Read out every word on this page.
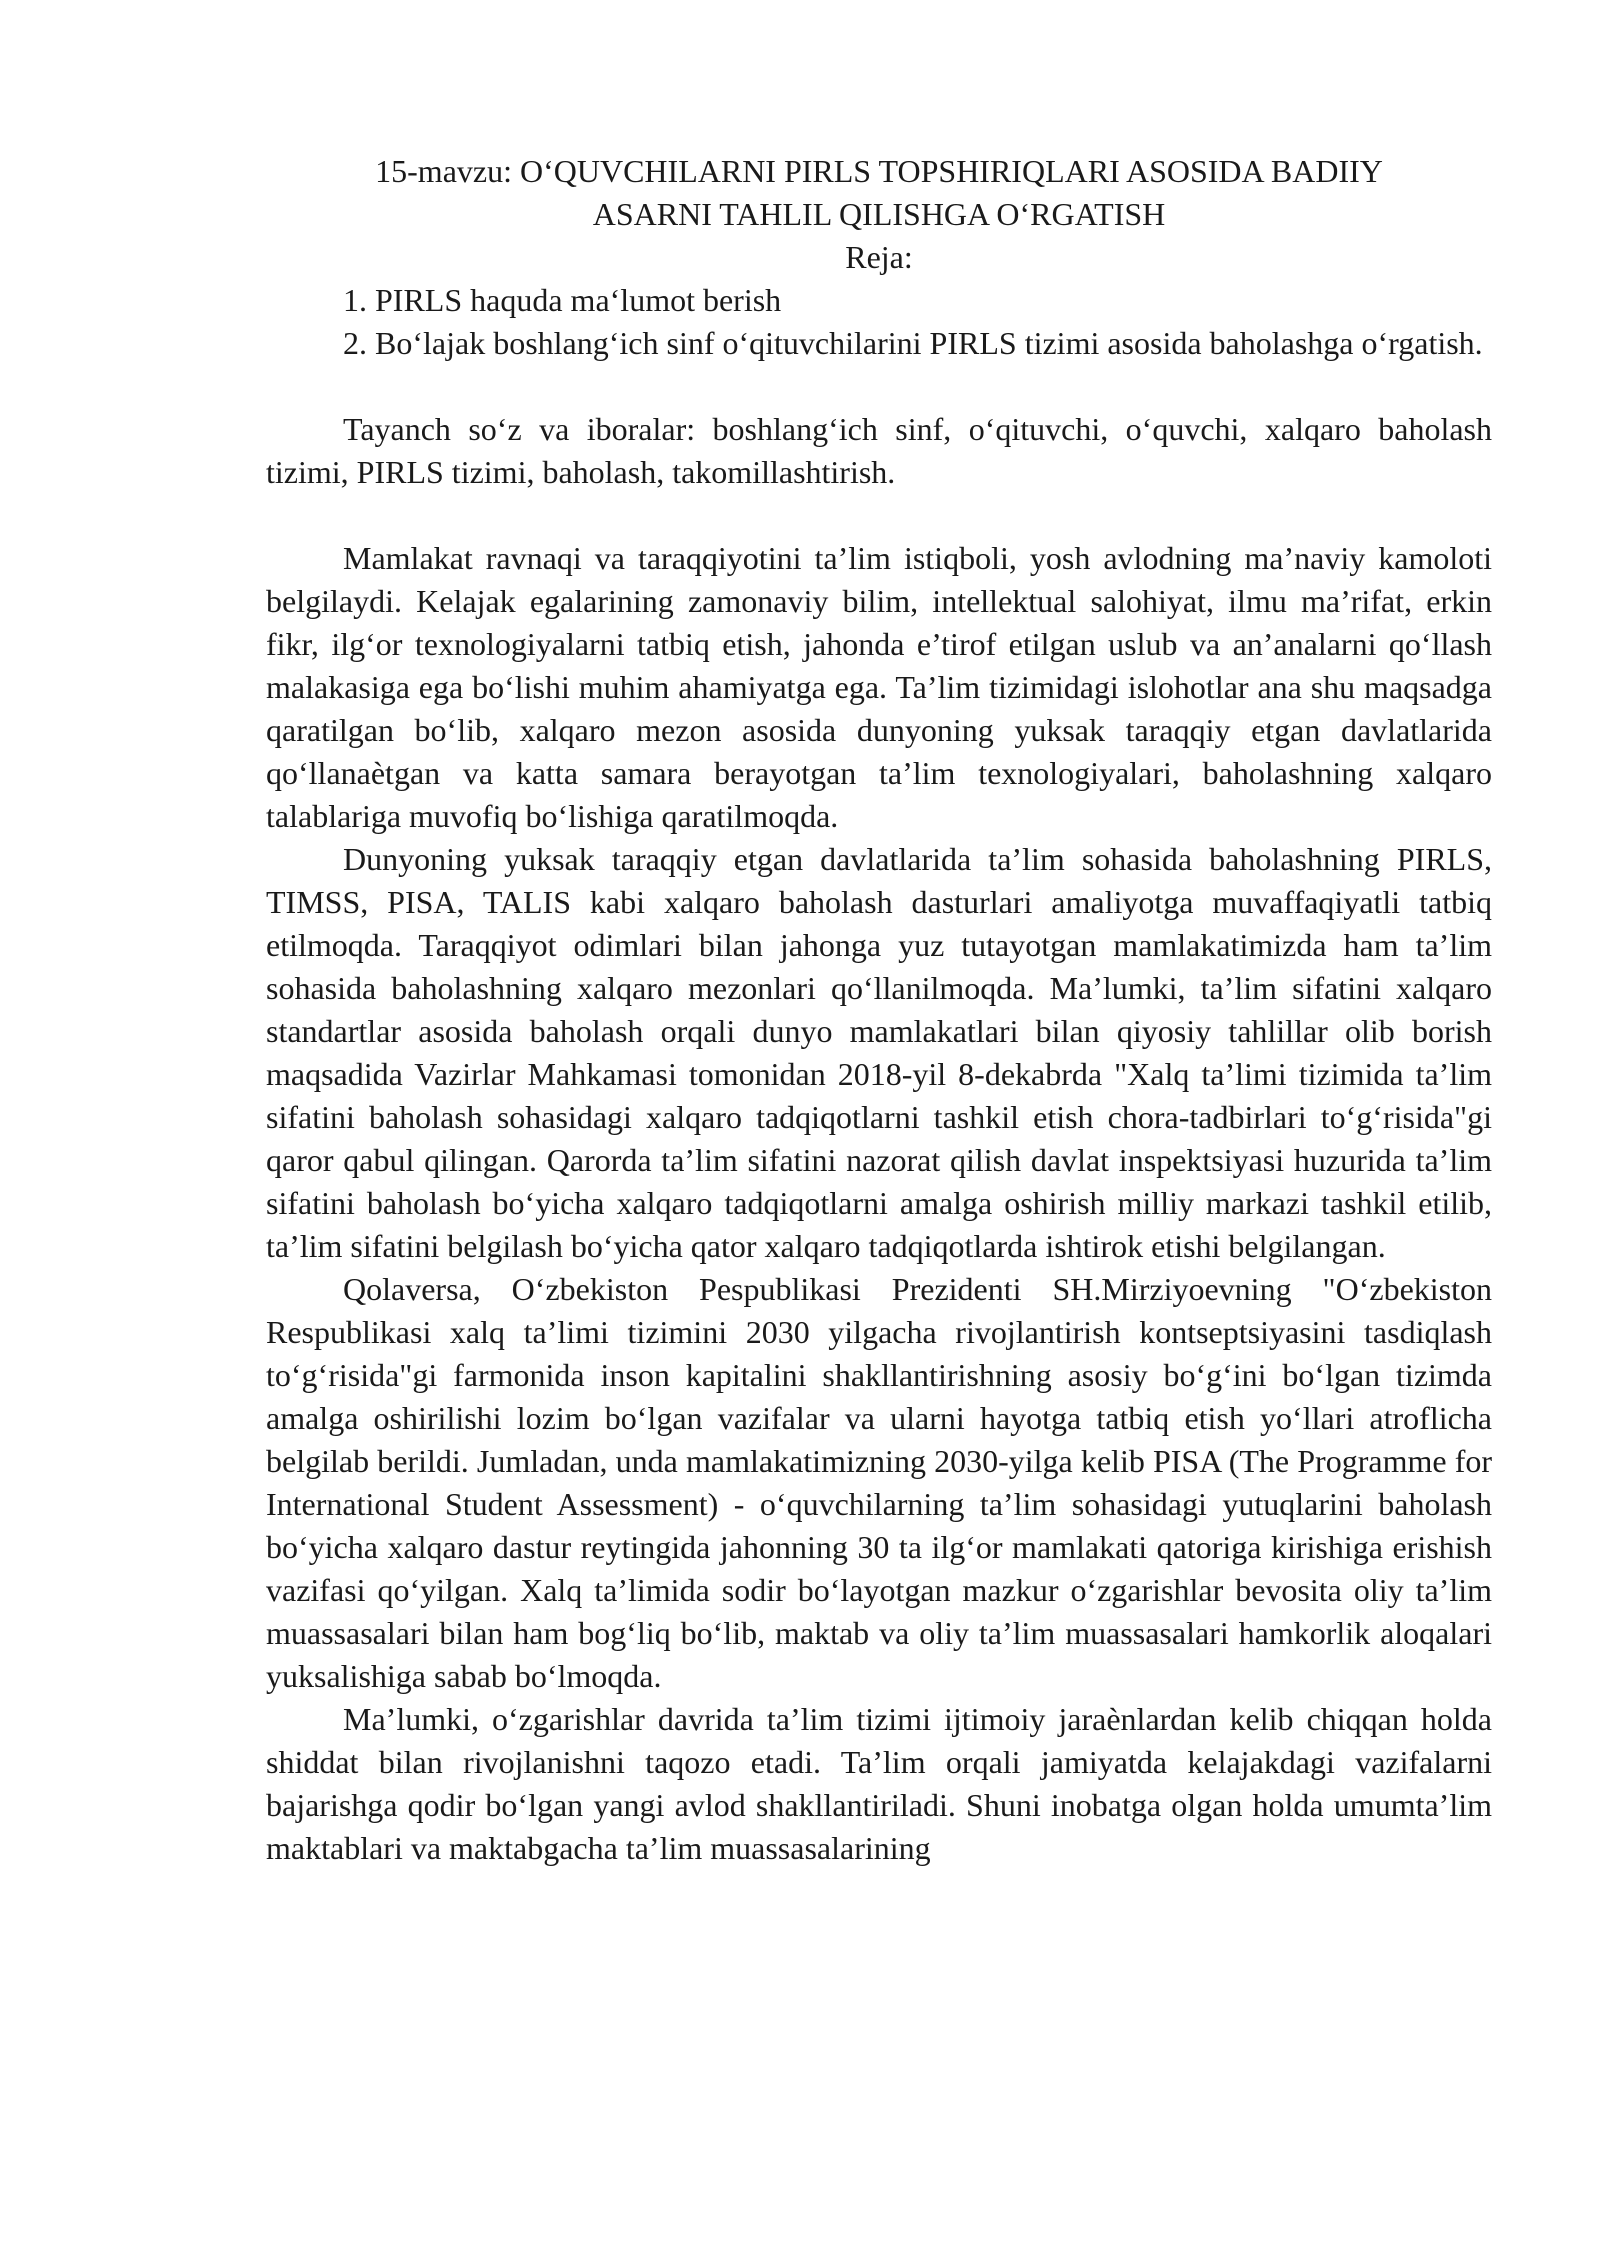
15-mavzu: O‘QUVCHILARNI PIRLS TOPSHIRIQLARI ASOSIDA BADIIY
ASARNI TAHLIL QILISHGA O‘RGATISH

Reja:

1. PIRLS haquda ma‘lumot berish
2. Bo‘lajak boshlang‘ich sinf o‘qituvchilarini PIRLS tizimi asosida baholashga o‘rgatish.

Tayanch so‘z va iboralar: boshlang‘ich sinf, o‘qituvchi, o‘quvchi, xalqaro baholash tizimi, PIRLS tizimi, baholash, takomillashtirish.

Mamlakat ravnaqi va taraqqiyotini ta’lim istiqboli, yosh avlodning ma’naviy kamoloti belgilaydi. Kelajak egalarining zamonaviy bilim, intellektual salohiyat, ilmu ma’rifat, erkin fikr, ilg‘or texnologiyalarni tatbiq etish, jahonda e’tirof etilgan uslub va an’analarni qo‘llash malakasiga ega bo‘lishi muhim ahamiyatga ega. Ta’lim tizimidagi islohotlar ana shu maqsadga qaratilgan bo‘lib, xalqaro mezon asosida dunyoning yuksak taraqqiy etgan davlatlarida qo‘llanaètgan va katta samara berayotgan ta’lim texnologiyalari, baholashning xalqaro talablariga muvofiq bo‘lishiga qaratilmoqda.

Dunyoning yuksak taraqqiy etgan davlatlarida ta’lim sohasida baholashning PIRLS, TIMSS, PISA, TALIS kabi xalqaro baholash dasturlari amaliyotga muvaffaqiyatli tatbiq etilmoqda. Taraqqiyot odimlari bilan jahonga yuz tutayotgan mamlakatimizda ham ta’lim sohasida baholashning xalqaro mezonlari qo‘llanilmoqda. Ma’lumki, ta’lim sifatini xalqaro standartlar asosida baholash orqali dunyo mamlakatlari bilan qiyosiy tahlillar olib borish maqsadida Vazirlar Mahkamasi tomonidan 2018-yil 8-dekabrda "Xalq ta’limi tizimida ta’lim sifatini baholash sohasidagi xalqaro tadqiqotlarni tashkil etish chora-tadbirlari to‘g‘risida"gi qaror qabul qilingan. Qarorda ta’lim sifatini nazorat qilish davlat inspektsiyasi huzurida ta’lim sifatini baholash bo‘yicha xalqaro tadqiqotlarni amalga oshirish milliy markazi tashkil etilib, ta’lim sifatini belgilash bo‘yicha qator xalqaro tadqiqotlarda ishtirok etishi belgilangan.

Qolaversa, O‘zbekiston Pespublikasi Prezidenti SH.Mirziyoevning "O‘zbekiston Respublikasi xalq ta’limi tizimini 2030 yilgacha rivojlantirish kontseptsiyasini tasdiqlash to‘g‘risida"gi farmonida inson kapitalini shakllantirishning asosiy bo‘g‘ini bo‘lgan tizimda amalga oshirilishi lozim bo‘lgan vazifalar va ularni hayotga tatbiq etish yo‘llari atroflicha belgilab berildi. Jumladan, unda mamlakatimizning 2030-yilga kelib PISA (The Programme for International Student Assessment) - o‘quvchilarning ta’lim sohasidagi yutuqlarini baholash bo‘yicha xalqaro dastur reytingida jahonning 30 ta ilg‘or mamlakati qatoriga kirishiga erishish vazifasi qo‘yilgan. Xalq ta’limida sodir bo‘layotgan mazkur o‘zgarishlar bevosita oliy ta’lim muassasalari bilan ham bog‘liq bo‘lib, maktab va oliy ta’lim muassasalari hamkorlik aloqalari yuksalishiga sabab bo‘lmoqda.

Ma’lumki, o‘zgarishlar davrida ta’lim tizimi ijtimoiy jaraènlardan kelib chiqqan holda shiddat bilan rivojlanishni taqozo etadi. Ta’lim orqali jamiyatda kelajakdagi vazifalarni bajarishga qodir bo‘lgan yangi avlod shakllantiriladi. Shuni inobatga olgan holda umumta’lim maktablari va maktabgacha ta’lim muassasalarining
